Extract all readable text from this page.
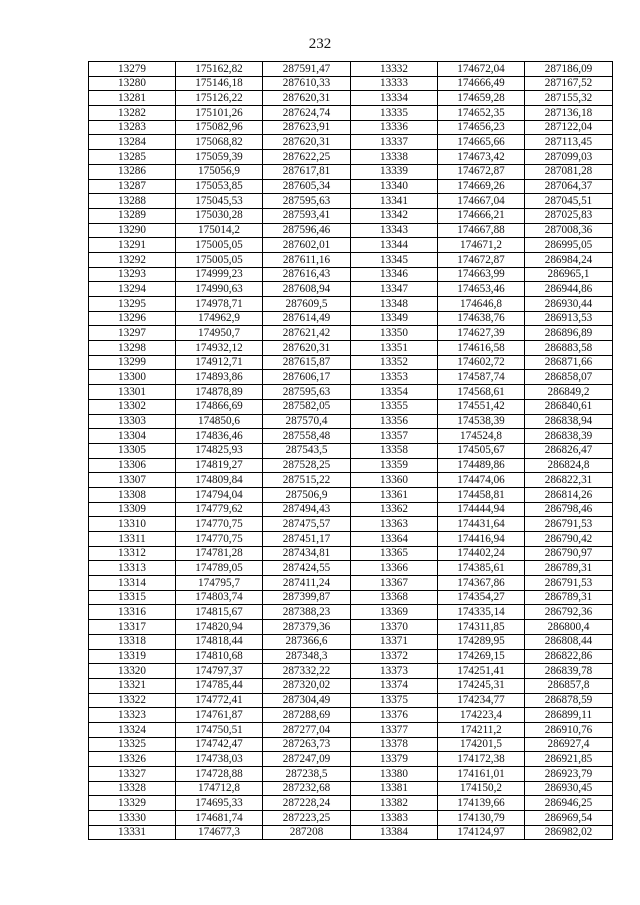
232
13279	175162,82	287591,47	13332	174672,04	287186,09
13280	175146,18	287610,33	13333	174666,49	287167,52
13281	175126,22	287620,31	13334	174659,28	287155,32
13282	175101,26	287624,74	13335	174652,35	287136,18
13283	175082,96	287623,91	13336	174656,23	287122,04
13284	175068,82	287620,31	13337	174665,66	287113,45
13285	175059,39	287622,25	13338	174673,42	287099,03
13286	175056,9	287617,81	13339	174672,87	287081,28
13287	175053,85	287605,34	13340	174669,26	287064,37
13288	175045,53	287595,63	13341	174667,04	287045,51
13289	175030,28	287593,41	13342	174666,21	287025,83
13290	175014,2	287596,46	13343	174667,88	287008,36
13291	175005,05	287602,01	13344	174671,2	286995,05
13292	175005,05	287611,16	13345	174672,87	286984,24
13293	174999,23	287616,43	13346	174663,99	286965,1
13294	174990,63	287608,94	13347	174653,46	286944,86
13295	174978,71	287609,5	13348	174646,8	286930,44
13296	174962,9	287614,49	13349	174638,76	286913,53
13297	174950,7	287621,42	13350	174627,39	286896,89
13298	174932,12	287620,31	13351	174616,58	286883,58
13299	174912,71	287615,87	13352	174602,72	286871,66
13300	174893,86	287606,17	13353	174587,74	286858,07
13301	174878,89	287595,63	13354	174568,61	286849,2
13302	174866,69	287582,05	13355	174551,42	286840,61
13303	174850,6	287570,4	13356	174538,39	286838,94
13304	174836,46	287558,48	13357	174524,8	286838,39
13305	174825,93	287543,5	13358	174505,67	286826,47
13306	174819,27	287528,25	13359	174489,86	286824,8
13307	174809,84	287515,22	13360	174474,06	286822,31
13308	174794,04	287506,9	13361	174458,81	286814,26
13309	174779,62	287494,43	13362	174444,94	286798,46
13310	174770,75	287475,57	13363	174431,64	286791,53
13311	174770,75	287451,17	13364	174416,94	286790,42
13312	174781,28	287434,81	13365	174402,24	286790,97
13313	174789,05	287424,55	13366	174385,61	286789,31
13314	174795,7	287411,24	13367	174367,86	286791,53
13315	174803,74	287399,87	13368	174354,27	286789,31
13316	174815,67	287388,23	13369	174335,14	286792,36
13317	174820,94	287379,36	13370	174311,85	286800,4
13318	174818,44	287366,6	13371	174289,95	286808,44
13319	174810,68	287348,3	13372	174269,15	286822,86
13320	174797,37	287332,22	13373	174251,41	286839,78
13321	174785,44	287320,02	13374	174245,31	286857,8
13322	174772,41	287304,49	13375	174234,77	286878,59
13323	174761,87	287288,69	13376	174223,4	286899,11
13324	174750,51	287277,04	13377	174211,2	286910,76
13325	174742,47	287263,73	13378	174201,5	286927,4
13326	174738,03	287247,09	13379	174172,38	286921,85
13327	174728,88	287238,5	13380	174161,01	286923,79
13328	174712,8	287232,68	13381	174150,2	286930,45
13329	174695,33	287228,24	13382	174139,66	286946,25
13330	174681,74	287223,25	13383	174130,79	286969,54
13331	174677,3	287208	13384	174124,97	286982,02
